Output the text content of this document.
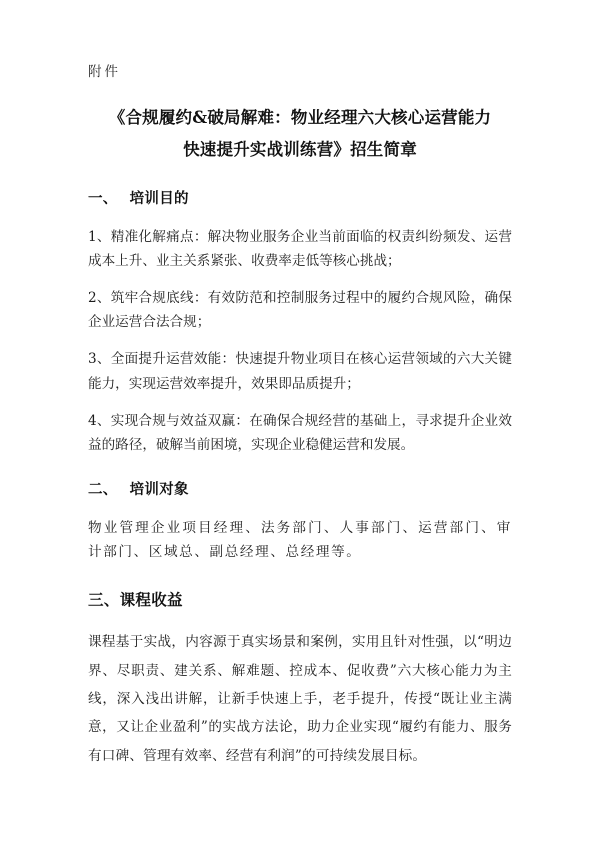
附件
《合规履约&破局解难：物业经理六大核心运营能力
快速提升实战训练营》招生简章
一、 培训目的

1、精准化解痛点：解决物业服务企业当前面临的权责纠纷频发、运营成本上升、业主关系紧张、收费率走低等核心挑战；

2、筑牢合规底线：有效防范和控制服务过程中的履约合规风险，确保企业运营合法合规；

3、全面提升运营效能：快速提升物业项目在核心运营领域的六大关键能力，实现运营效率提升，效果即品质提升；

4、实现合规与效益双赢：在确保合规经营的基础上，寻求提升企业效益的路径，破解当前困境，实现企业稳健运营和发展。

二、 培训对象

物业管理企业项目经理、法务部门、人事部门、运营部门、审计部门、区域总、副总经理、总经理等。

三、课程收益

课程基于实战，内容源于真实场景和案例，实用且针对性强，以“明边界、尽职责、建关系、解难题、控成本、促收费”六大核心能力为主线，深入浅出讲解，让新手快速上手，老手提升，传授“既让业主满意，又让企业盈利”的实战方法论，助力企业实现“履约有能力、服务有口碑、管理有效率、经营有利润”的可持续发展目标。
